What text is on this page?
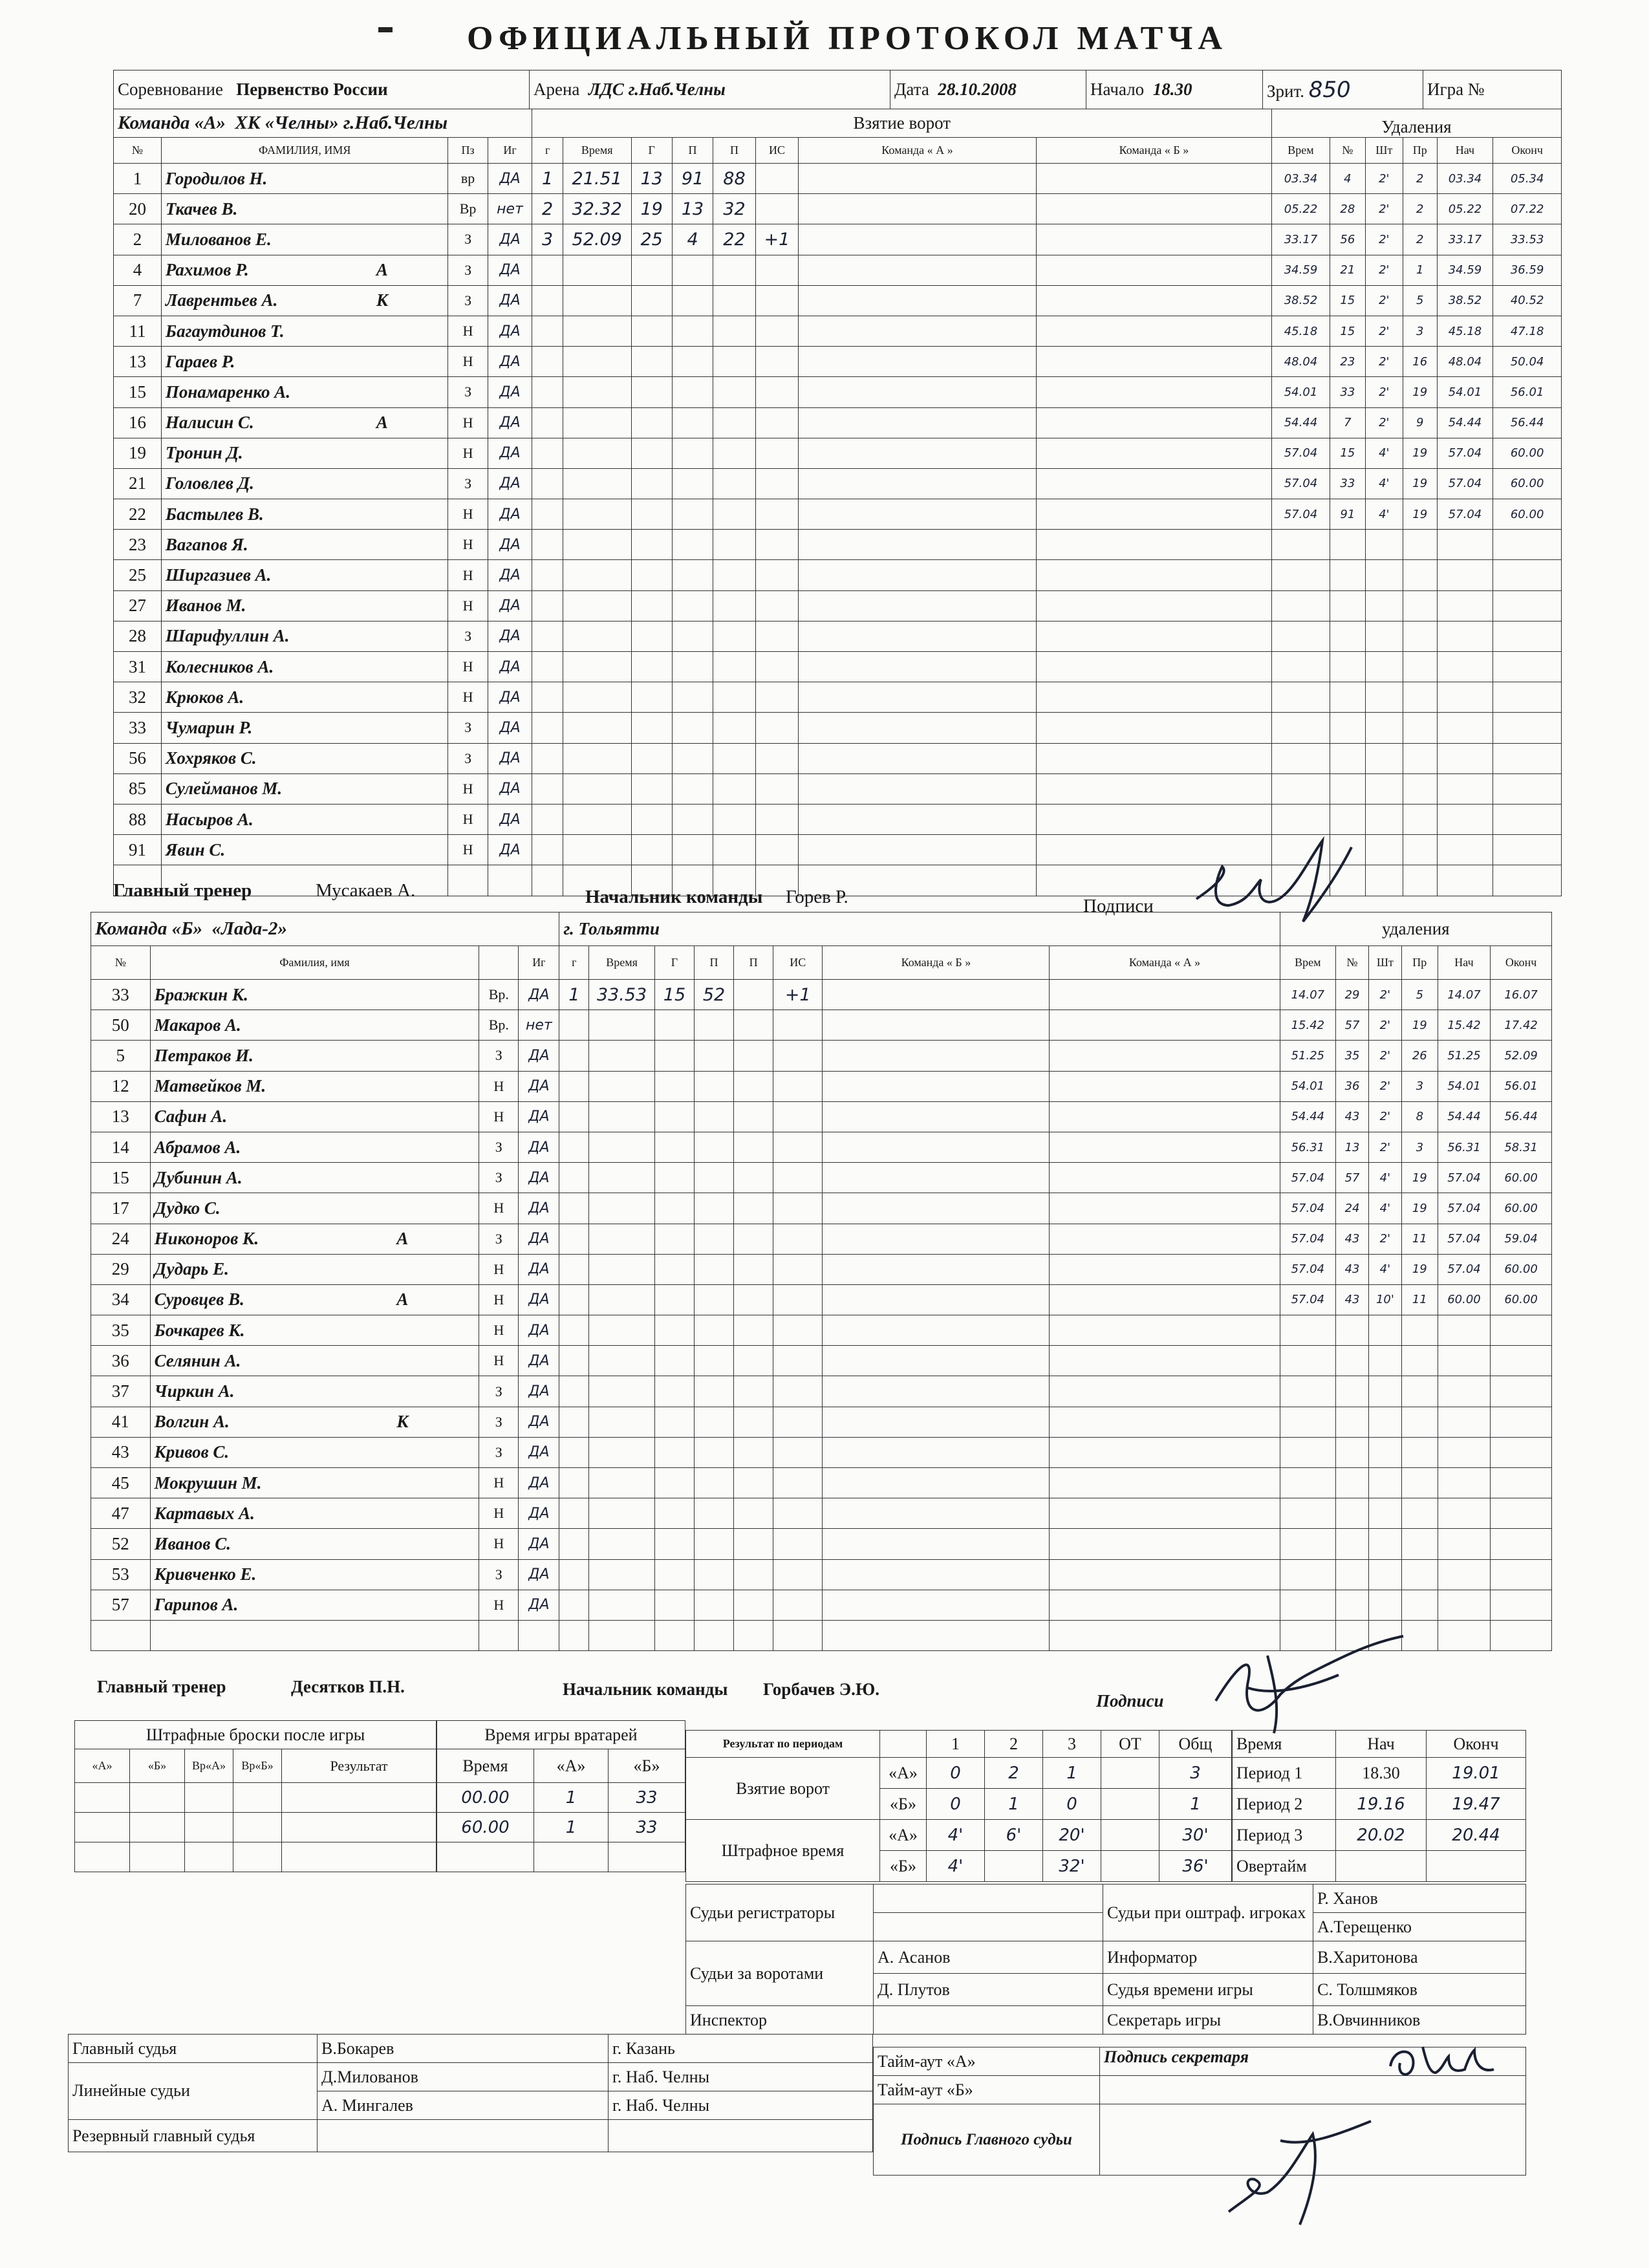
ОФИЦИАЛЬНЫЙ ПРОТОКОЛ МАТЧА
Соревнование Первенство России	Арена ЛДС г.Наб.Челны	Дата 28.10.2008	Начало 18.30	Зрит. 850	Игра №
Команда «А» ХК «Челны» г.Наб.Челны				Взятие ворот								Удаления					
№	ФАМИЛИЯ, ИМЯ	Пз	Иг	г	Время	Г	П	П	ИС	Команда « А »	Команда « Б »	Врем	№	Шт	Пр	Нач	Оконч
1	Городилов Н.	вр	ДА	1	21.51	13	91	88				03.34	4	2'	2	03.34	05.34
20	Ткачев В.	Вр	нет	2	32.32	19	13	32				05.22	28	2'	2	05.22	07.22
2	Милованов Е.	З	ДА	3	52.09	25	4	22	+1			33.17	56	2'	2	33.17	33.53
4	Рахимов Р. А	З	ДА									34.59	21	2'	1	34.59	36.59
7	Лаврентьев А. К	З	ДА									38.52	15	2'	5	38.52	40.52
11	Багаутдинов Т.	Н	ДА									45.18	15	2'	3	45.18	47.18
13	Гараев Р.	Н	ДА									48.04	23	2'	16	48.04	50.04
15	Понамаренко А.	З	ДА									54.01	33	2'	19	54.01	56.01
16	Налисин С. А	Н	ДА									54.44	7	2'	9	54.44	56.44
19	Тронин Д.	Н	ДА									57.04	15	4'	19	57.04	60.00
21	Головлев Д.	З	ДА									57.04	33	4'	19	57.04	60.00
22	Бастылев В.	Н	ДА									57.04	91	4'	19	57.04	60.00
23	Вагапов Я.	Н	ДА														
25	Ширгазиев А.	Н	ДА														
27	Иванов М.	Н	ДА														
28	Шарифуллин А.	З	ДА														
31	Колесников А.	Н	ДА														
32	Крюков А.	Н	ДА														
33	Чумарин Р.	З	ДА														
56	Хохряков С.	З	ДА														
85	Сулейманов М.	Н	ДА														
88	Насыров А.	Н	ДА														
91	Явин С.	Н	ДА														

Главный тренер	Мусакаев А.	Начальник команды Горев Р.	Подписи
Команда «Б» «Лада-2»				г. Тольятти								удаления					
№	Фамилия, имя		Иг	г	Время	Г	П	П	ИС	Команда « Б »	Команда « А »	Врем	№	Шт	Пр	Нач	Оконч
33	Бражкин К.	Вр.	ДА	1	33.53	15	52		+1			14.07	29	2'	5	14.07	16.07
50	Макаров А.	Вр.	нет									15.42	57	2'	19	15.42	17.42
5	Петраков И.	З	ДА									51.25	35	2'	26	51.25	52.09
12	Матвейков М.	Н	ДА									54.01	36	2'	3	54.01	56.01
13	Сафин А.	Н	ДА									54.44	43	2'	8	54.44	56.44
14	Абрамов А.	З	ДА									56.31	13	2'	3	56.31	58.31
15	Дубинин А.	З	ДА									57.04	57	4'	19	57.04	60.00
17	Дудко С.	Н	ДА									57.04	24	4'	19	57.04	60.00
24	Никоноров К. А	З	ДА									57.04	43	2'	11	57.04	59.04
29	Дударь Е.	Н	ДА									57.04	43	4'	19	57.04	60.00
34	Суровцев В. А	Н	ДА									57.04	43	10'	11	60.00	60.00
35	Бочкарев К.	Н	ДА														
36	Селянин А.	Н	ДА														
37	Чиркин А.	З	ДА														
41	Волгин А. К	З	ДА														
43	Кривов С.	З	ДА														
45	Мокрушин М.	Н	ДА														
47	Картавых А.	Н	ДА														
52	Иванов С.	Н	ДА														
53	Кривченко Е.	З	ДА														
57	Гарипов А.	Н	ДА														

Главный тренер	Десятков П.Н.	Начальник команды Горбачев Э.Ю.
Подписи
Штрафные броски после игры				
«А»	«Б»	Вр«А»	Вр«Б»	Результат

Время игры вратарей		
Время	«А»	«Б»
00.00	1	33
60.00	1	33

Результат по периодам		1	2	3	ОТ	Общ
Взятие ворот	«А»	0	2	1		3
	«Б»	0	1	0		1
Штрафное время	«А»	4'	6'	20'		30'
	«Б»	4'		32'		36'
Время	Нач	Оконч
Период 1	18.30	19.01
Период 2	19.16	19.47
Период 3	20.02	20.44
Овертайм		
Судьи регистраторы		Судьи при оштраф. игроках	Р. Ханов
			А.Терещенко
Судьи за воротами	А. Асанов	Информатор	В.Харитонова
	Д. Плутов	Судья времени игры	С. Толшмяков
Инспектор		Секретарь игры	В.Овчинников
Главный судья	В.Бокарев	г. Казань
Линейные судьи	Д.Милованов	г. Наб. Челны
	А. Мингалев	г. Наб. Челны
Резервный главный судья		
Тайм-аут «А»	Подпись секретаря
Тайм-аут «Б»	
Подпись Главного судьи	
